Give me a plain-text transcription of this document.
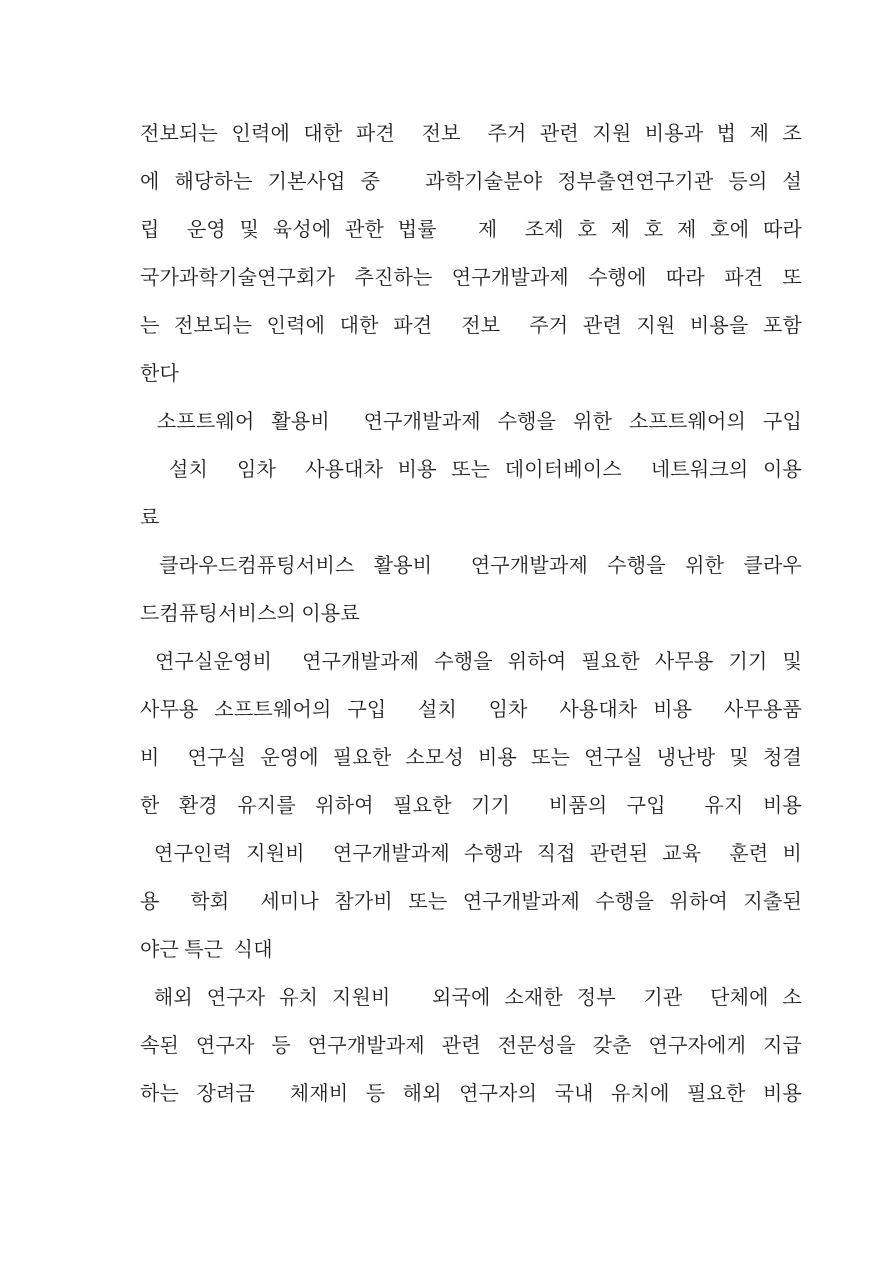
전보되는 인력에 대한 파견  전보  주거 관련 지원 비용과 법 제 조
에 해당하는 기본사업 중   과학기술분야 정부출연연구기관 등의 설
립  운영 및 육성에 관한 법률   제  조제 호 제 호 제 호에 따라
국가과학기술연구회가 추진하는 연구개발과제 수행에 따라 파견 또
는 전보되는 인력에 대한 파견  전보  주거 관련 지원 비용을 포함
한다
소프트웨어 활용비  연구개발과제 수행을 위한 소프트웨어의 구입
설치  임차  사용대차 비용 또는 데이터베이스  네트워크의 이용
료
클라우드컴퓨팅서비스 활용비  연구개발과제 수행을 위한 클라우
드컴퓨팅서비스의 이용료
연구실운영비  연구개발과제 수행을 위하여 필요한 사무용 기기 및
사무용 소프트웨어의 구입  설치  임차  사용대차 비용  사무용품
비  연구실 운영에 필요한 소모성 비용 또는 연구실 냉난방 및 청결
한 환경 유지를 위하여 필요한 기기  비품의 구입  유지 비용
연구인력 지원비  연구개발과제 수행과 직접 관련된 교육  훈련 비
용  학회  세미나 참가비 또는 연구개발과제 수행을 위하여 지출된
야근 특근  식대
해외 연구자 유치 지원비   외국에 소재한 정부  기관  단체에 소
속된 연구자 등 연구개발과제 관련 전문성을 갖춘 연구자에게 지급
하는 장려금  체재비 등 해외 연구자의 국내 유치에 필요한 비용
